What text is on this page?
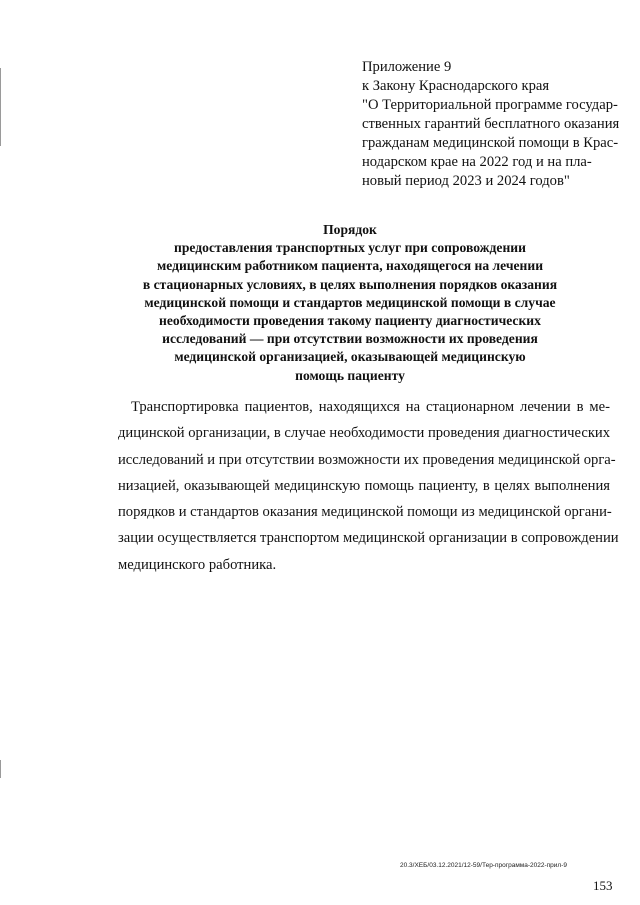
Приложение 9
к Закону Краснодарского края
"О Территориальной программе государ-
ственных гарантий бесплатного оказания
гражданам медицинской помощи в Крас-
нодарском крае на 2022 год и на пла-
новый период 2023 и 2024 годов"
Порядок
предоставления транспортных услуг при сопровождении
медицинским работником пациента, находящегося на лечении
в стационарных условиях, в целях выполнения порядков оказания
медицинской помощи и стандартов медицинской помощи в случае
необходимости проведения такому пациенту диагностических
исследований — при отсутствии возможности их проведения
медицинской организацией, оказывающей медицинскую
помощь пациенту
Транспортировка пациентов, находящихся на стационарном лечении в ме-
дицинской организации, в случае необходимости проведения диагностических
исследований и при отсутствии возможности их проведения медицинской орга-
низацией, оказывающей медицинскую помощь пациенту, в целях выполнения
порядков и стандартов оказания медицинской помощи из медицинской органи-
зации осуществляется транспортом медицинской организации в сопровождении
медицинского работника.
20.3/ХЕБ/03.12.2021/12-59/Тер-программа-2022-прил-9
153
